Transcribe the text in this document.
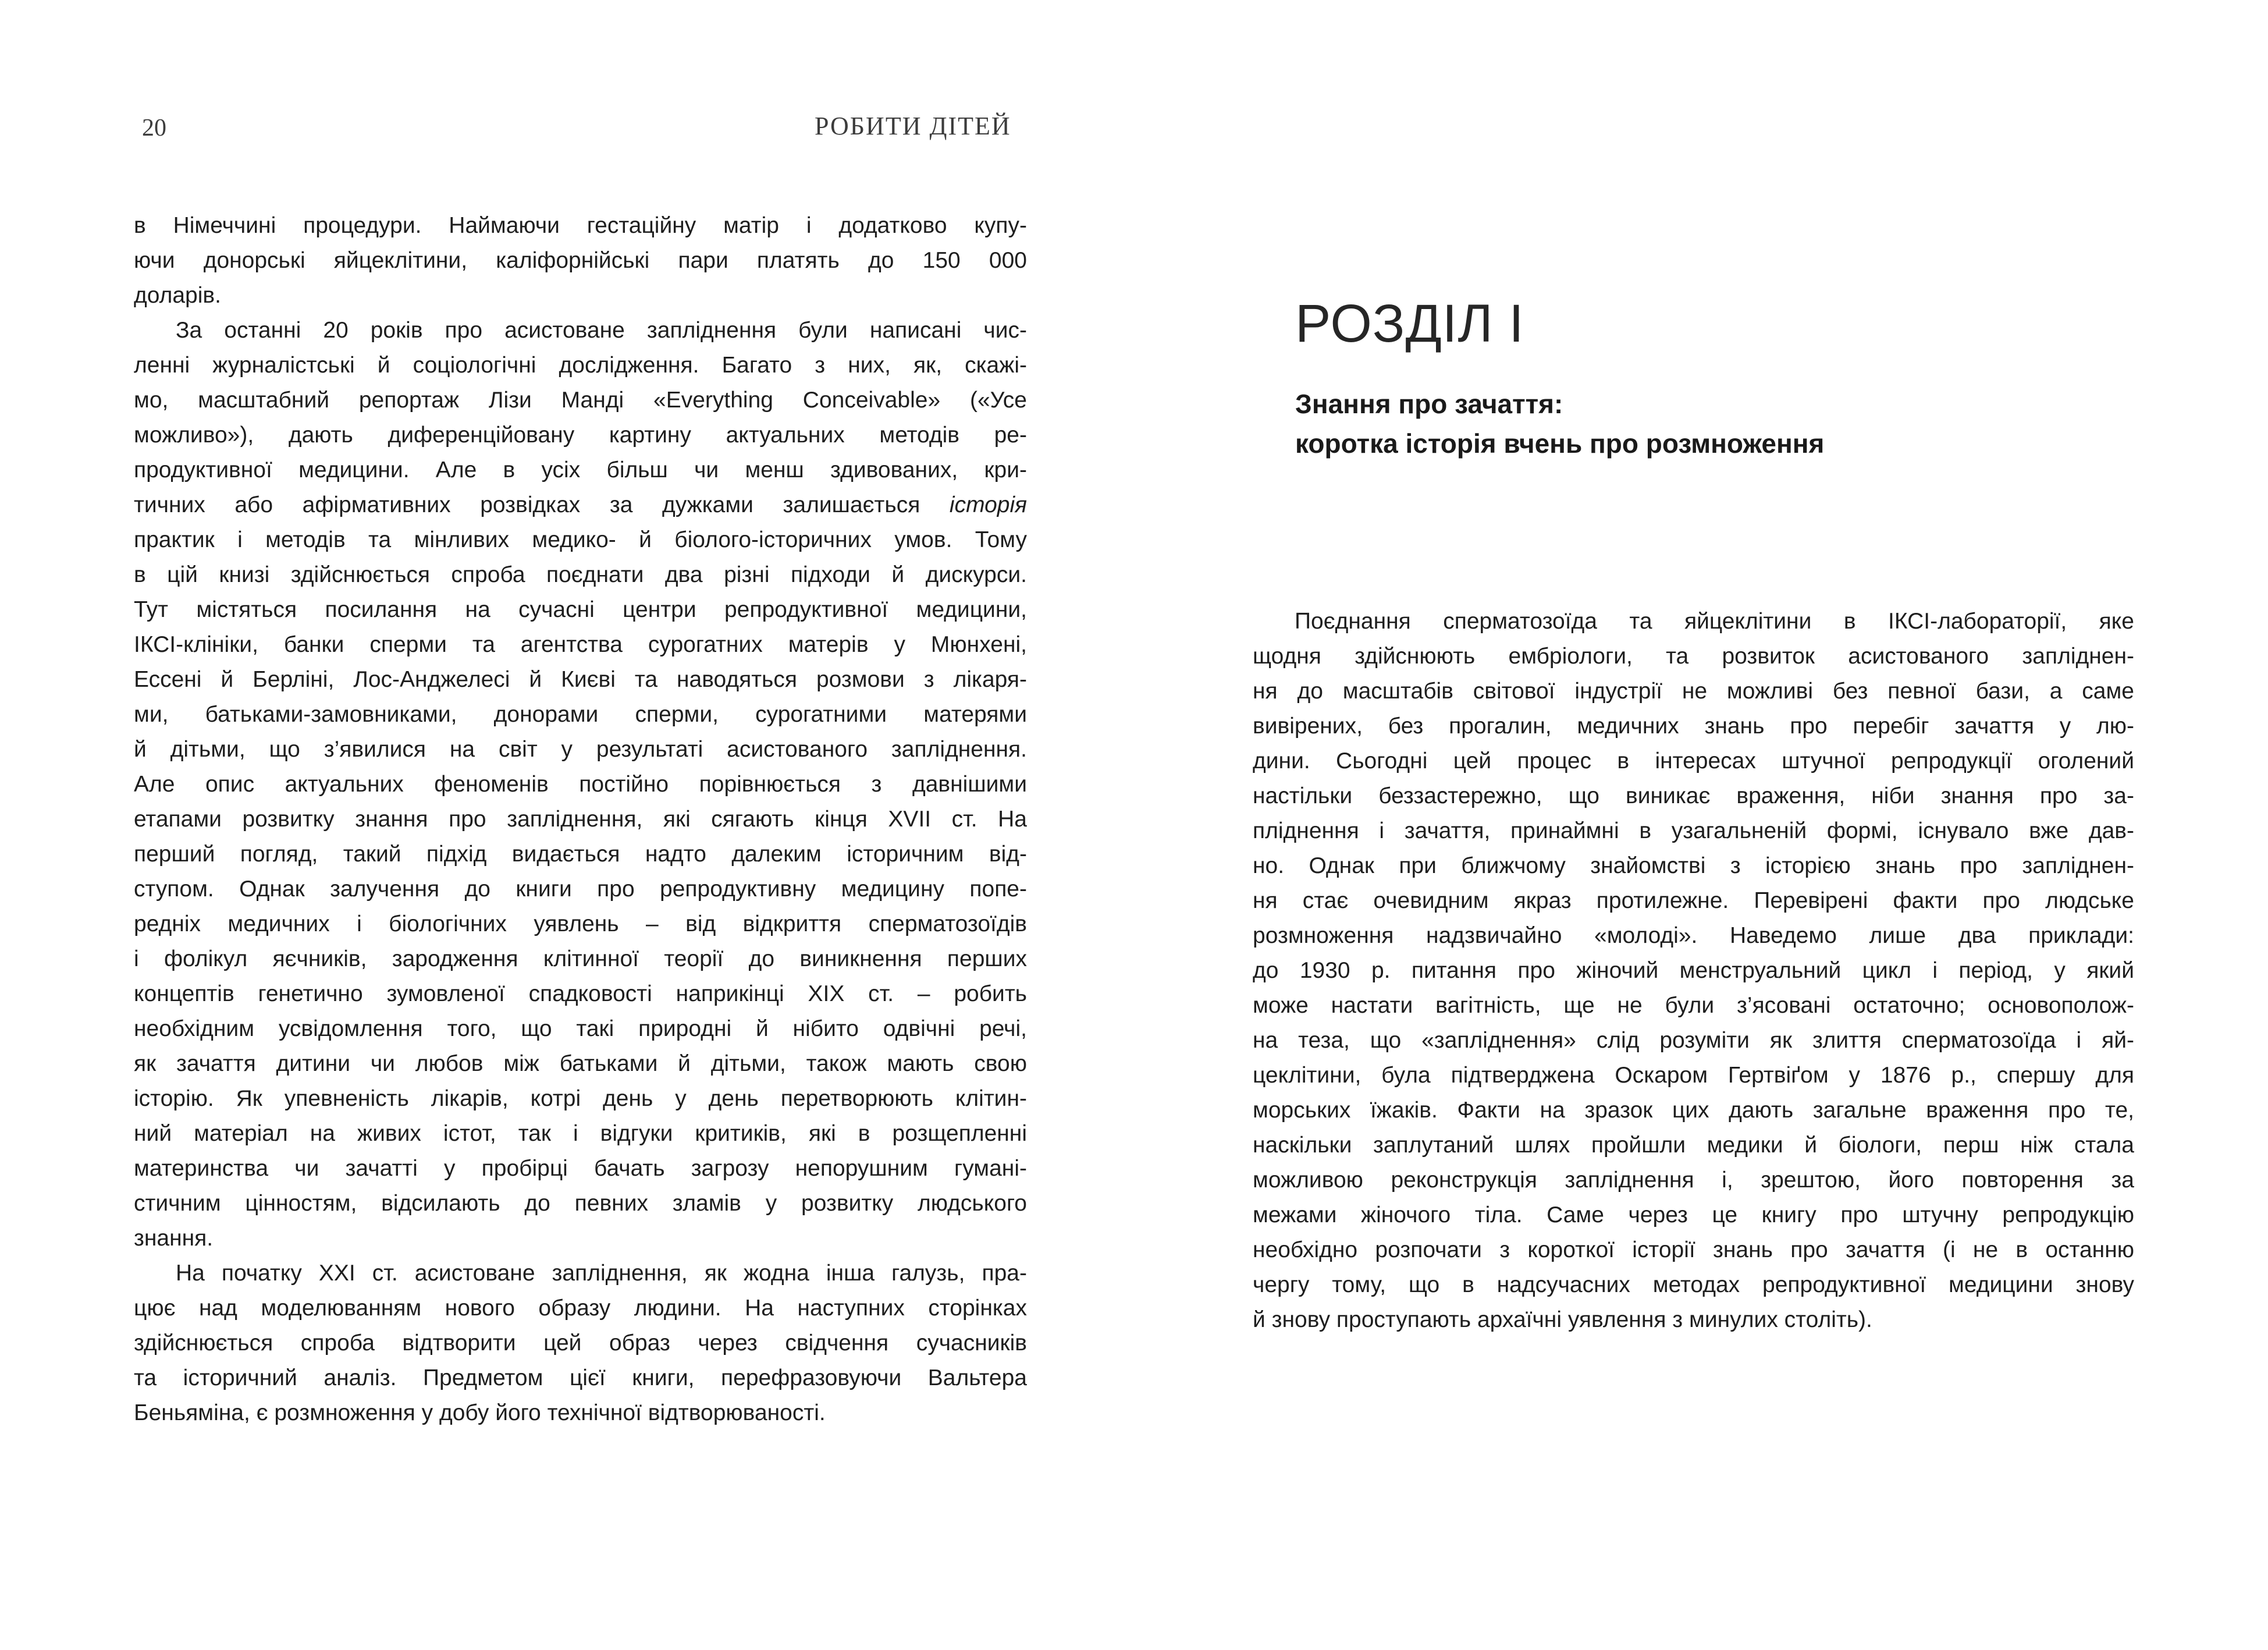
20	РОБИТИ ДІТЕЙ
в Німеччині процедури. Наймаючи гестаційну матір і додатково купу-
ючи донорські яйцеклітини, каліфорнійські пари платять до 150 000
доларів.
За останні 20 років про асистоване запліднення були написані чис-
ленні журналістські й соціологічні дослідження. Багато з них, як, скажі-
мо, масштабний репортаж Лізи Манді «Everything Conceivable» («Усе
можливо»), дають диференційовану картину актуальних методів ре-
продуктивної медицини. Але в усіх більш чи менш здивованих, кри-
тичних або афірмативних розвідках за дужками залишається історія
практик і методів та мінливих медико- й біолого-історичних умов. Тому
в цій книзі здійснюється спроба поєднати два різні підходи й дискурси.
Тут містяться посилання на сучасні центри репродуктивної медицини,
ІКСІ-клініки, банки сперми та агентства сурогатних матерів у Мюнхені,
Ессені й Берліні, Лос-Анджелесі й Києві та наводяться розмови з лікаря-
ми, батьками-замовниками, донорами сперми, сурогатними матерями
й дітьми, що з’явилися на світ у результаті асистованого запліднення.
Але опис актуальних феноменів постійно порівнюється з давнішими
етапами розвитку знання про запліднення, які сягають кінця XVII ст. На
перший погляд, такий підхід видається надто далеким історичним від-
ступом. Однак залучення до книги про репродуктивну медицину попе-
редніх медичних і біологічних уявлень – від відкриття сперматозоїдів
і фолікул яєчників, зародження клітинної теорії до виникнення перших
концептів генетично зумовленої спадковості наприкінці XIX ст. – робить
необхідним усвідомлення того, що такі природні й нібито одвічні речі,
як зачаття дитини чи любов між батьками й дітьми, також мають свою
історію. Як упевненість лікарів, котрі день у день перетворюють клітин-
ний матеріал на живих істот, так і відгуки критиків, які в розщепленні
материнства чи зачатті у пробірці бачать загрозу непорушним гумані-
стичним цінностям, відсилають до певних зламів у розвитку людського
знання.
На початку XXI ст. асистоване запліднення, як жодна інша галузь, пра-
цює над моделюванням нового образу людини. На наступних сторінках
здійснюється спроба відтворити цей образ через свідчення сучасників
та історичний аналіз. Предметом цієї книги, перефразовуючи Вальтера
Беньяміна, є розмноження у добу його технічної відтворюваності.
РОЗДІЛ І
Знання про зачаття:
коротка історія вчень про розмноження
Поєднання сперматозоїда та яйцеклітини в ІКСІ-лабораторії, яке
щодня здійснюють ембріологи, та розвиток асистованого запліднен-
ня до масштабів світової індустрії не можливі без певної бази, а саме
вивірених, без прогалин, медичних знань про перебіг зачаття у лю-
дини. Сьогодні цей процес в інтересах штучної репродукції оголений
настільки беззастережно, що виникає враження, ніби знання про за-
пліднення і зачаття, принаймні в узагальненій формі, існувало вже дав-
но. Однак при ближчому знайомстві з історією знань про запліднен-
ня стає очевидним якраз протилежне. Перевірені факти про людське
розмноження надзвичайно «молоді». Наведемо лише два приклади:
до 1930 р. питання про жіночий менструальний цикл і період, у який
може настати вагітність, ще не були з’ясовані остаточно; основополож-
на теза, що «запліднення» слід розуміти як злиття сперматозоїда і яй-
цеклітини, була підтверджена Оскаром Гертвіґом у 1876 р., спершу для
морських їжаків. Факти на зразок цих дають загальне враження про те,
наскільки заплутаний шлях пройшли медики й біологи, перш ніж стала
можливою реконструкція запліднення і, зрештою, його повторення за
межами жіночого тіла. Саме через це книгу про штучну репродукцію
необхідно розпочати з короткої історії знань про зачаття (і не в останню
чергу тому, що в надсучасних методах репродуктивної медицини знову
й знову проступають архаїчні уявлення з минулих століть).
